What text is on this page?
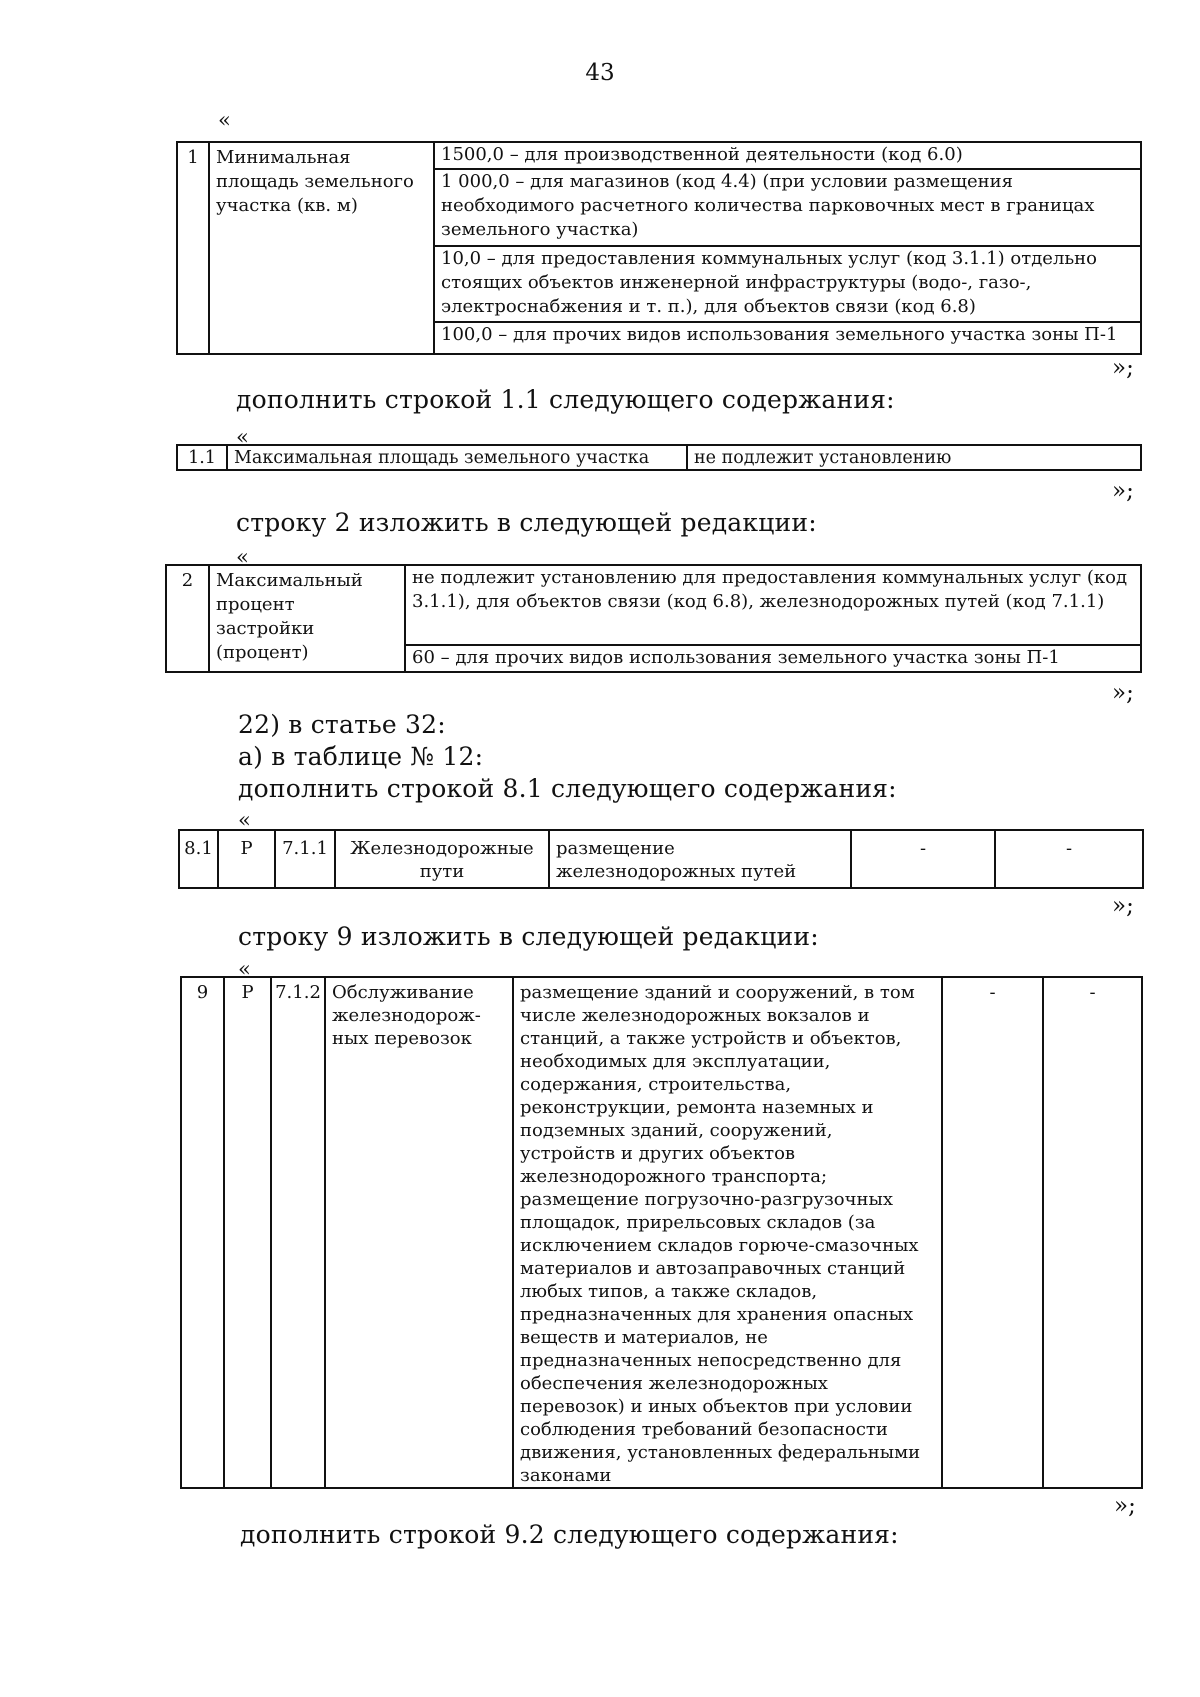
43
«
1	Минимальная площадь земельного участка (кв. м)	
1500,0 – для производственной деятельности (код 6.0)
1 000,0 – для магазинов (код 4.4) (при условии размещения необходимого расчетного количества парковочных мест в границах земельного участка)
10,0 – для предоставления коммунальных услуг (код 3.1.1) отдельно стоящих объектов инженерной инфраструктуры (водо-, газо-, электроснабжения и т. п.), для объектов связи (код 6.8)
100,0 – для прочих видов использования земельного участка зоны П-1
»;
дополнить строкой 1.1 следующего содержания:
«
1.1	Максимальная площадь земельного участка	не подлежит установлению
»;
строку 2 изложить в следующей редакции:
«
2	Максимальный процент застройки (процент)	
не подлежит установлению для предоставления коммунальных услуг (код 3.1.1), для объектов связи (код 6.8), железнодорожных путей (код 7.1.1)
60 – для прочих видов использования земельного участка зоны П-1
»;
22) в статье 32:
а) в таблице № 12:
дополнить строкой 8.1 следующего содержания:
«
8.1	Р	7.1.1	Железнодорожные пути	размещение железнодорожных путей	-	-
»;
строку 9 изложить в следующей редакции:
«
9	Р	7.1.2	Обслуживание железнодорож-ных перевозок	размещение зданий и сооружений, в том числе железнодорожных вокзалов и станций, а также устройств и объектов, необходимых для эксплуатации, содержания, строительства, реконструкции, ремонта наземных и подземных зданий, сооружений, устройств и других объектов железнодорожного транспорта; размещение погрузочно-разгрузочных площадок, прирельсовых складов (за исключением складов горюче-смазочных материалов и автозаправочных станций любых типов, а также складов, предназначенных для хранения опасных веществ и материалов, не предназначенных непосредственно для обеспечения железнодорожных перевозок) и иных объектов при условии соблюдения требований безопасности движения, установленных федеральными законами	-	-
»;
дополнить строкой 9.2 следующего содержания:
